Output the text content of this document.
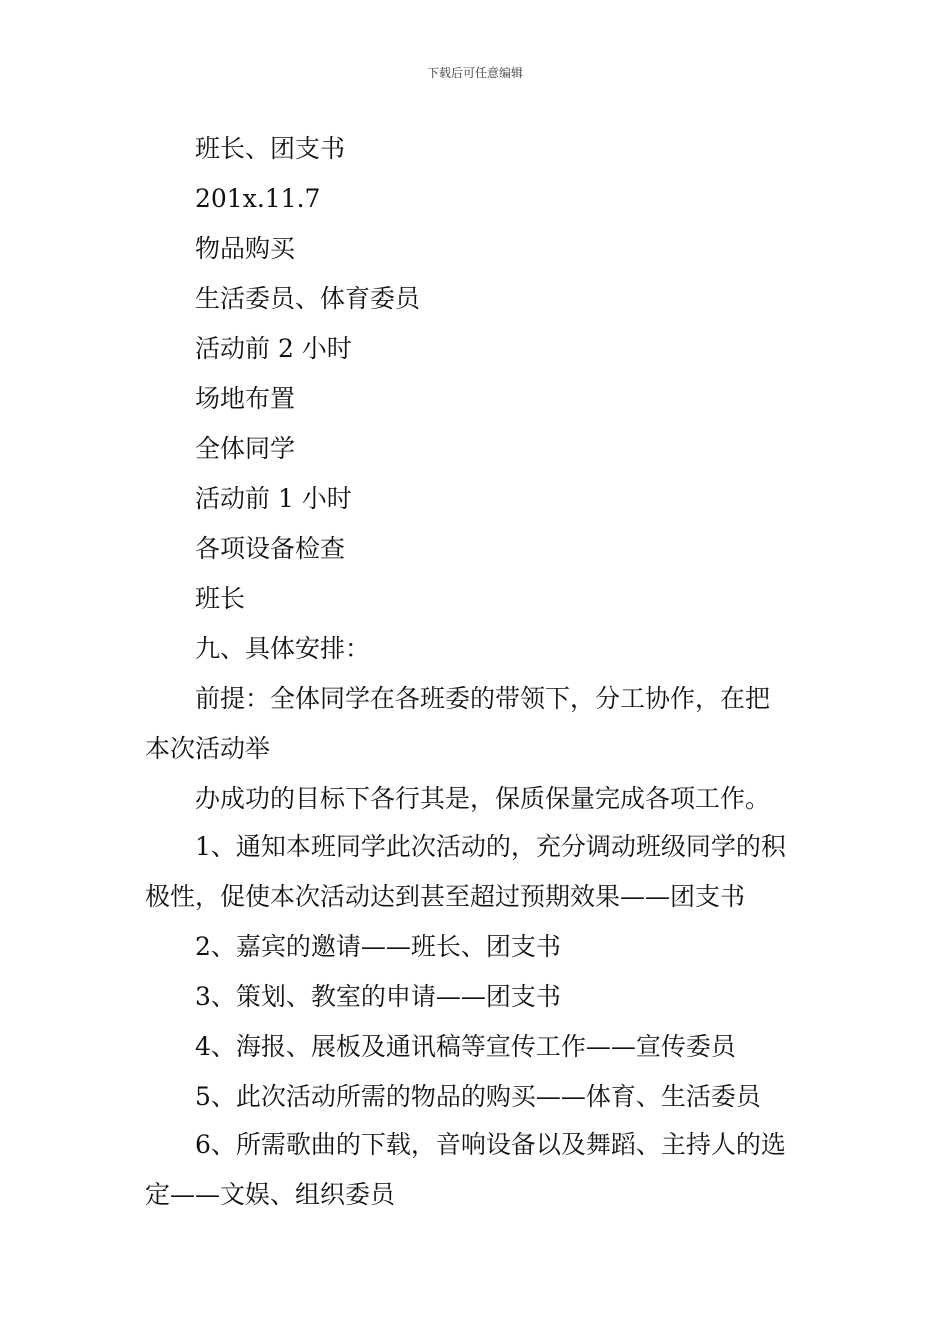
下载后可任意编辑
班长、团支书
201x.11.7
物品购买
生活委员、体育委员
活动前 2 小时
场地布置
全体同学
活动前 1 小时
各项设备检查
班长
九、具体安排：
前提：全体同学在各班委的带领下，分工协作，在把
本次活动举
办成功的目标下各行其是，保质保量完成各项工作。
1、通知本班同学此次活动的，充分调动班级同学的积
极性，促使本次活动达到甚至超过预期效果——团支书
2、嘉宾的邀请——班长、团支书
3、策划、教室的申请——团支书
4、海报、展板及通讯稿等宣传工作——宣传委员
5、此次活动所需的物品的购买——体育、生活委员
6、所需歌曲的下载，音响设备以及舞蹈、主持人的选
定——文娱、组织委员
